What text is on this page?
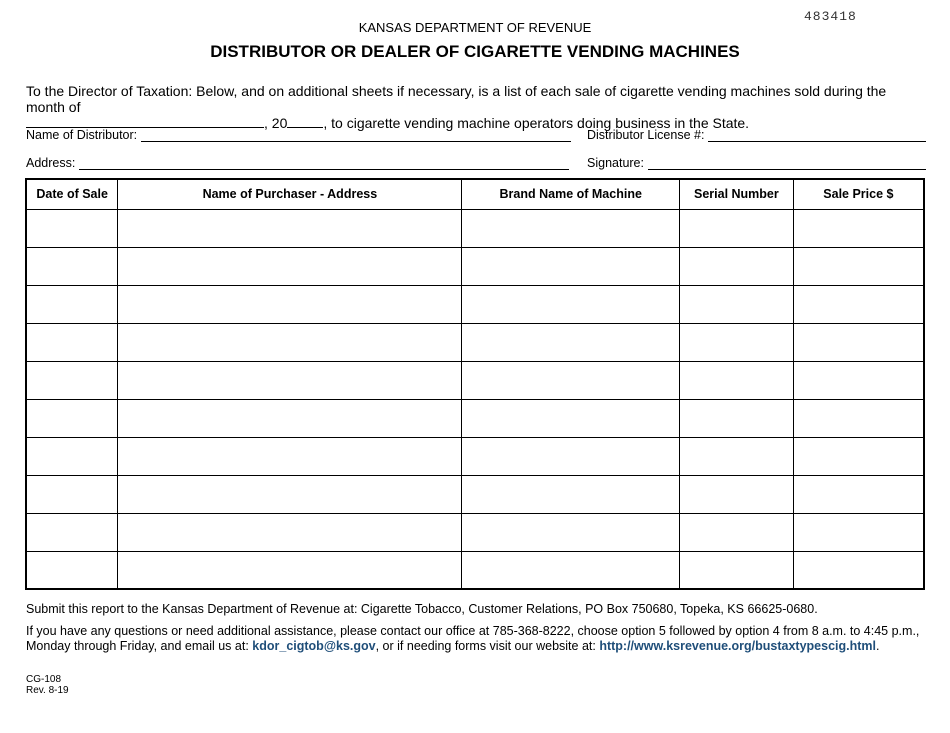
483418
KANSAS DEPARTMENT OF REVENUE
DISTRIBUTOR OR DEALER OF CIGARETTE VENDING MACHINES
To the Director of Taxation: Below, and on additional sheets if necessary, is a list of each sale of cigarette vending machines sold during the month of
, 20	, to cigarette vending machine operators doing business in the State.
Name of Distributor:	Distributor License #:
Address:	Signature:
Date of Sale	Name of Purchaser - Address	Brand Name of Machine	Serial Number	Sale Price $

Submit this report to the Kansas Department of Revenue at: Cigarette Tobacco, Customer Relations, PO Box 750680, Topeka, KS 66625-0680.
If you have any questions or need additional assistance, please contact our office at 785-368-8222, choose option 5 followed by option 4 from 8 a.m. to 4:45 p.m., Monday through Friday, and email us at: kdor_cigtob@ks.gov, or if needing forms visit our website at: http://www.ksrevenue.org/bustaxtypescig.html.
CG-108
Rev. 8-19
